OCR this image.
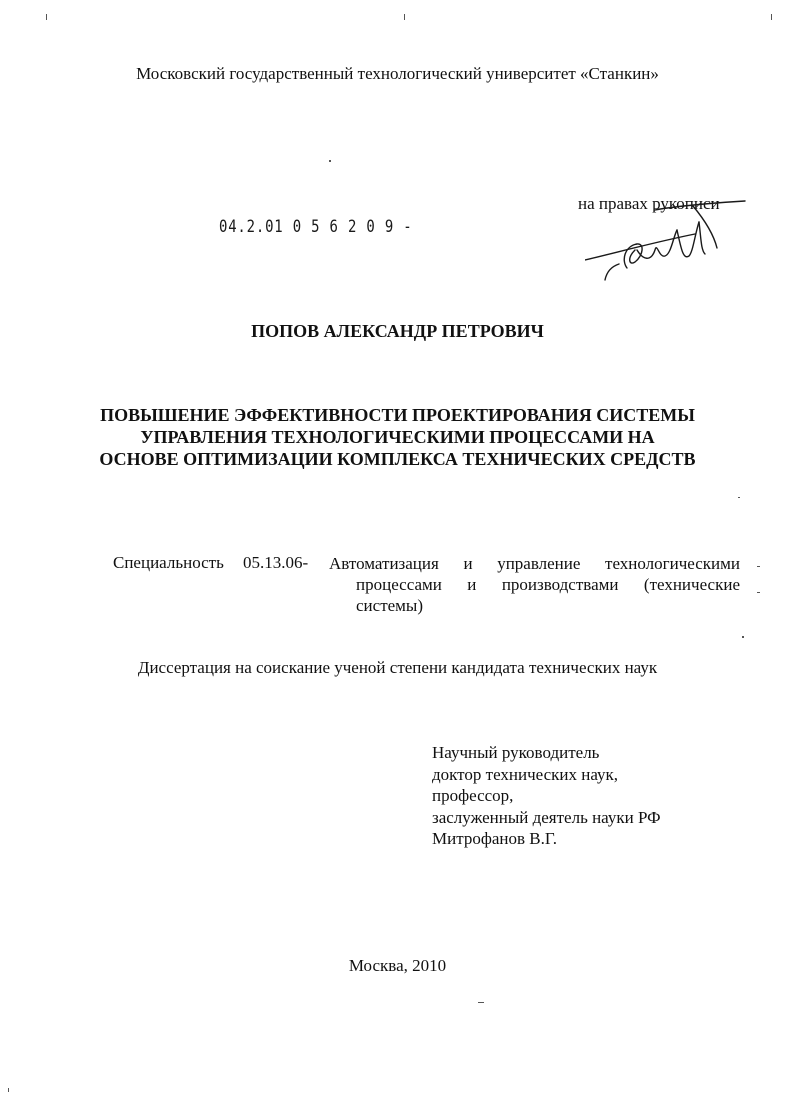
Московский государственный технологический университет «Станкин»
04.2.01 0 5 6 2 0 9 -
на правах рукописи
ПОПОВ АЛЕКСАНДР ПЕТРОВИЧ
ПОВЫШЕНИЕ ЭФФЕКТИВНОСТИ ПРОЕКТИРОВАНИЯ СИСТЕМЫ
УПРАВЛЕНИЯ ТЕХНОЛОГИЧЕСКИМИ ПРОЦЕССАМИ НА
ОСНОВЕ ОПТИМИЗАЦИИ КОМПЛЕКСА ТЕХНИЧЕСКИХ СРЕДСТВ
Специальность 05.13.06- Автоматизация и управление технологическими
процессами и производствами (технические
системы)
Диссертация на соискание ученой степени кандидата технических наук
Научный руководитель
доктор технических наук,
профессор,
заслуженный деятель науки РФ
Митрофанов В.Г.
Москва, 2010
